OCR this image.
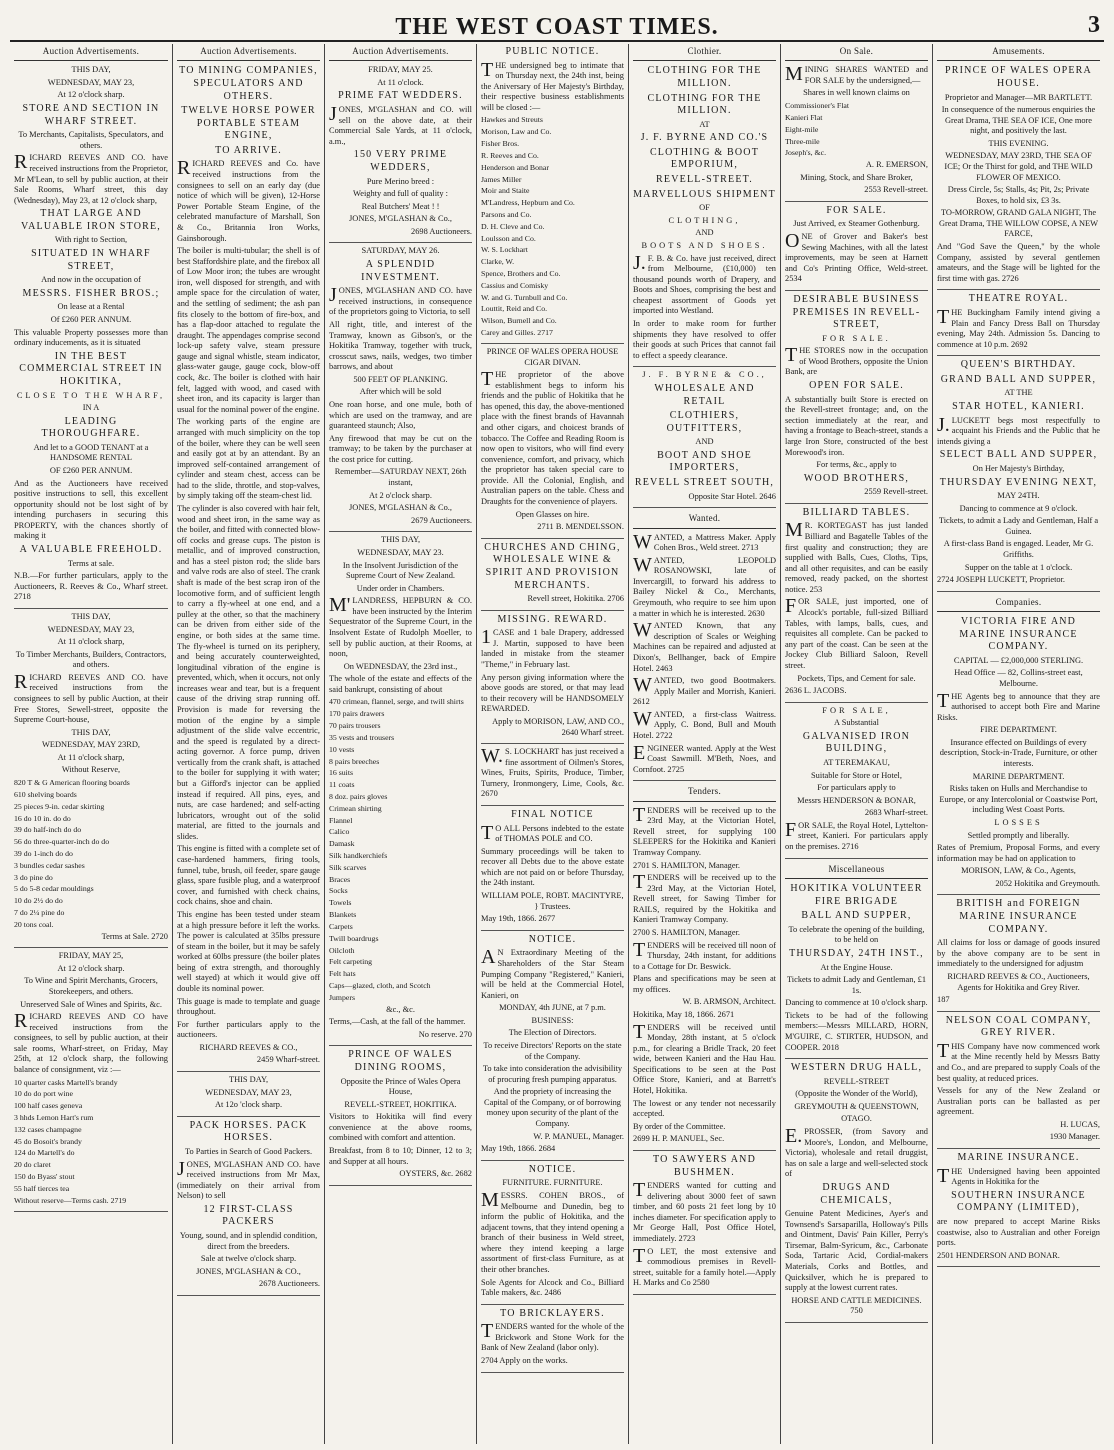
THE WEST COAST TIMES.	3
Auction Advertisements.

THIS DAY,

WEDNESDAY, MAY 23,

At 12 o'clock sharp.

STORE AND SECTION IN WHARF STREET.

To Merchants, Capitalists, Speculators, and others.

RICHARD REEVES AND CO. have received instructions from the Proprietor, Mr M'Lean, to sell by public auction, at their Sale Rooms, Wharf street, this day (Wednesday), May 23, at 12 o'clock sharp,

THAT LARGE AND VALUABLE IRON STORE,

With right to Section,

SITUATED IN WHARF STREET,

And now in the occupation of

MESSRS. FISHER BROS.;

On lease at a Rental

Of £260 PER ANNUM.

This valuable Property possesses more than ordinary inducements, as it is situated

IN THE BEST COMMERCIAL STREET IN HOKITIKA,

CLOSE TO THE WHARF,

IN A

LEADING THOROUGHFARE.

And let to a GOOD TENANT at a HANDSOME RENTAL

OF £260 PER ANNUM.

And as the Auctioneers have received positive instructions to sell, this excellent opportunity should not be lost sight of by intending purchasers in securing this PROPERTY, with the chances shortly of making it

A VALUABLE FREEHOLD.

Terms at sale.

N.B.—For further particulars, apply to the Auctioneers, R. Reeves & Co., Wharf street. 2718

THIS DAY,

WEDNESDAY, MAY 23,

At 11 o'clock sharp,

To Timber Merchants, Builders, Contractors, and others.

RICHARD REEVES AND CO. have received instructions from the consignees to sell by public Auction, at their Free Stores, Sewell-street, opposite the Supreme Court-house,

THIS DAY,

WEDNESDAY, MAY 23RD,

At 11 o'clock sharp,

Without Reserve,

820 T & G American flooring boards

610 shelving boards

25 pieces 9-in. cedar skirting

16 do 10 in. do do

39 do half-inch do do

56 do three-quarter-inch do do

39 do 1-inch do do

3 bundles cedar sashes

3 do pine do

5 do 5-8 cedar mouldings

10 do 2½ do do

7 do 2¼ pine do

20 tons coal.

Terms at Sale. 2720

FRIDAY, MAY 25,

At 12 o'clock sharp.

To Wine and Spirit Merchants, Grocers, Storekeepers, and others.

Unreserved Sale of Wines and Spirits, &c.

RICHARD REEVES AND CO have received instructions from the consignees, to sell by public auction, at their sale rooms, Wharf-street, on Friday, May 25th, at 12 o'clock sharp, the following balance of consignment, viz :—

10 quarter casks Martell's brandy

10 do do port wine

100 half cases geneva

3 hhds Lemon Hart's rum

132 cases champagne

45 do Bosoit's brandy

124 do Martell's do

20 do claret

150 do Byass' stout

55 half tierces tea

Without reserve—Terms cash. 2719

Auction Advertisements.

TO MINING COMPANIES, SPECULATORS AND OTHERS.

TWELVE HORSE POWER PORTABLE STEAM ENGINE,

TO ARRIVE.

RICHARD REEVES and Co. have received instructions from the consignees to sell on an early day (due notice of which will be given), 12-Horse Power Portable Steam Engine, of the celebrated manufacture of Marshall, Son & Co., Britannia Iron Works, Gainsborough.

The boiler is multi-tubular; the shell is of best Staffordshire plate, and the firebox all of Low Moor iron; the tubes are wrought iron, well disposed for strength, and with ample space for the circulation of water, and the settling of sediment; the ash pan fits closely to the bottom of fire-box, and has a flap-door attached to regulate the draught. The appendages comprise second lock-up safety valve, steam pressure gauge and signal whistle, steam indicator, glass-water gauge, gauge cock, blow-off cock, &c. The boiler is clothed with hair felt, lagged with wood, and cased with sheet iron, and its capacity is larger than usual for the nominal power of the engine.

The working parts of the engine are arranged with much simplicity on the top of the boiler, where they can be well seen and easily got at by an attendant. By an improved self-contained arrangement of cylinder and steam chest, access can be had to the slide, throttle, and stop-valves, by simply taking off the steam-chest lid.

The cylinder is also covered with hair felt, wood and sheet iron, in the same way as the boiler, and fitted with connected blow-off cocks and grease cups. The piston is metallic, and of improved construction, and has a steel piston rod; the slide bars and valve rods are also of steel. The crank shaft is made of the best scrap iron of the locomotive form, and of sufficient length to carry a fly-wheel at one end, and a pulley at the other, so that the machinery can be driven from either side of the engine, or both sides at the same time. The fly-wheel is turned on its periphery, and being accurately counterweighted, longitudinal vibration of the engine is prevented, which, when it occurs, not only increases wear and tear, but is a frequent cause of the driving strap running off. Provision is made for reversing the motion of the engine by a simple adjustment of the slide valve eccentric, and the speed is regulated by a direct-acting governor. A force pump, driven vertically from the crank shaft, is attached to the boiler for supplying it with water; but a Gifford's injector can be applied instead if required. All pins, eyes, and nuts, are case hardened; and self-acting lubricators, wrought out of the solid material, are fitted to the journals and slides.

This engine is fitted with a complete set of case-hardened hammers, firing tools, funnel, tube, brush, oil feeder, spare gauge glass, spare fusible plug, and a waterproof cover, and furnished with check chains, cock chains, shoe and chain.

This engine has been tested under steam at a high pressure before it left the works. The power is calculated at 35lbs pressure of steam in the boiler, but it may be safely worked at 60lbs pressure (the boiler plates being of extra strength, and thoroughly well stayed) at which it would give off double its nominal power.

This guage is made to template and guage throughout.

For further particulars apply to the auctioneers.

RICHARD REEVES & CO.,

2459 Wharf-street.

THIS DAY,

WEDNESDAY, MAY 23,

At 12o 'clock sharp.

PACK HORSES. PACK HORSES.

To Parties in Search of Good Packers.

JONES, M'GLASHAN AND CO. have received instructions from Mr Max, (immediately on their arrival from Nelson) to sell

12 FIRST-CLASS PACKERS

Young, sound, and in splendid condition, direct from the breeders.

Sale at twelve o'clock sharp.

JONES, M'GLASHAN & CO.,

2678 Auctioneers.

Auction Advertisements.

FRIDAY, MAY 25.

At 11 o'clock.

PRIME FAT WEDDERS.

JONES, M'GLASHAN and CO. will sell on the above date, at their Commercial Sale Yards, at 11 o'clock, a.m.,

150 VERY PRIME WEDDERS,

Pure Merino breed :

Weighty and full of quality :

Real Butchers' Meat ! !

JONES, M'GLASHAN & Co.,

2698 Auctioneers.

SATURDAY, MAY 26.

A SPLENDID INVESTMENT.

JONES, M'GLASHAN AND CO. have received instructions, in consequence of the proprietors going to Victoria, to sell

All right, title, and interest of the Tramway, known as Gibson's, or the Hokitika Tramway, together with truck, crosscut saws, nails, wedges, two timber barrows, and about

500 FEET OF PLANKING.

After which will be sold

One roan horse, and one mule, both of which are used on the tramway, and are guaranteed staunch; Also,

Any firewood that may be cut on the tramway; to be taken by the purchaser at the cost price for cutting.

Remember—SATURDAY NEXT, 26th instant,

At 2 o'clock sharp.

JONES, M'GLASHAN & Co.,

2679 Auctioneers.

THIS DAY,

WEDNESDAY, MAY 23.

In the Insolvent Jurisdiction of the Supreme Court of New Zealand.

Under order in Chambers.

M'LANDRESS, HEPBURN & CO. have been instructed by the Interim Sequestrator of the Supreme Court, in the Insolvent Estate of Rudolph Moeller, to sell by public auction, at their Rooms, at noon,

On WEDNESDAY, the 23rd inst.,

The whole of the estate and effects of the said bankrupt, consisting of about

470 crimean, flannel, serge, and twill shirts

170 pairs drawers

70 pairs trousers

35 vests and trousers

10 vests

8 pairs breeches

16 suits

11 coats

8 doz. pairs gloves

Crimean shirting

Flannel

Calico

Damask

Silk handkerchiefs

Silk scarves

Braces

Socks

Towels

Blankets

Carpets

Twill boardrugs

Oilcloth

Felt carpeting

Felt hats

Caps—glazed, cloth, and Scotch

Jumpers

&c., &c.

Terms,—Cash, at the fall of the hammer.

No reserve. 270

PRINCE OF WALES DINING ROOMS,

Opposite the Prince of Wales Opera House,

REVELL-STREET, HOKITIKA.

Visitors to Hokitika will find every convenience at the above rooms, combined with comfort and attention.

Breakfast, from 8 to 10; Dinner, 12 to 3; and Supper at all hours.

OYSTERS, &c. 2682

PUBLIC NOTICE.

THE undersigned beg to intimate that on Thursday next, the 24th inst, being the Aniversary of Her Majesty's Birthday, their respective business establishments will be closed :—

Hawkes and Streuts

Morison, Law and Co.

Fisher Bros.

R. Reeves and Co.

Henderson and Bonar

James Miller

Moir and Staite

M'Landress, Hepburn and Co.

Parsons and Co.

D. H. Cleve and Co.

Loulsson and Co.

W. S. Lockhart

Clarke, W.

Spence, Brothers and Co.

Cassius and Comisky

W. and G. Turnbull and Co.

Louttit, Reid and Co.

Wilson, Burnell and Co.

Carey and Gilles. 2717

PRINCE OF WALES OPERA HOUSE CIGAR DIVAN.

THE proprietor of the above establishment begs to inform his friends and the public of Hokitika that he has opened, this day, the above-mentioned place with the finest brands of Havannah and other cigars, and choicest brands of tobacco. The Coffee and Reading Room is now open to visitors, who will find every convenience, comfort, and privacy, which the proprietor has taken special care to provide. All the Colonial, English, and Australian papers on the table. Chess and Draughts for the convenience of players.

Open Glasses on hire.

2711 B. MENDELSSON.

CHURCHES AND CHING, WHOLESALE WINE & SPIRIT AND PROVISION MERCHANTS.

Revell street, Hokitika. 2706

MISSING. REWARD.

1CASE and 1 bale Drapery, addressed J. Martin, supposed to have been landed in mistake from the steamer "Theme," in February last.

Any person giving information where the above goods are stored, or that may lead to their recovery will be HANDSOMELY REWARDED.

Apply to MORISON, LAW, AND CO., 2640 Wharf street.

W.S. LOCKHART has just received a fine assortment of Oilmen's Stores, Wines, Fruits, Spirits, Produce, Timber, Turnery, Ironmongery, Lime, Cools, &c. 2670

FINAL NOTICE

TO ALL Persons indebted to the estate of THOMAS POLE and CO.

Summary proceedings will be taken to recover all Debts due to the above estate which are not paid on or before Thursday, the 24th instant.

WILLIAM POLE, ROBT. MACINTYRE, } Trustees.

May 19th, 1866. 2677

NOTICE.

AN Extraordinary Meeting of the Shareholders of the Star Steam Pumping Company "Registered," Kanieri, will be held at the Commercial Hotel, Kanieri, on

MONDAY, 4th JUNE, at 7 p.m.

BUSINESS:

The Election of Directors.

To receive Directors' Reports on the state of the Company.

To take into consideration the advisibility of procuring fresh pumping apparatus.

And the propriety of increasing the Capital of the Company, or of borrowing money upon security of the plant of the Company.

W. P. MANUEL, Manager.

May 19th, 1866. 2684

NOTICE.

FURNITURE. FURNITURE.

MESSRS. COHEN BROS., of Melbourne and Dunedin, beg to inform the public of Hokitika, and the adjacent towns, that they intend opening a branch of their business in Weld street, where they intend keeping a large assortment of first-class Furniture, as at their other branches.

Sole Agents for Alcock and Co., Billiard Table makers, &c. 2486

TO BRICKLAYERS.

TENDERS wanted for the whole of the Brickwork and Stone Work for the Bank of New Zealand (labor only).

2704 Apply on the works.

Clothier.

CLOTHING FOR THE MILLION.

CLOTHING FOR THE MILLION.

AT

J. F. BYRNE AND CO.'S

CLOTHING & BOOT EMPORIUM,

REVELL-STREET.

MARVELLOUS SHIPMENT

OF

CLOTHING,

AND

BOOTS AND SHOES.

J.F. B. & Co. have just received, direct from Melbourne, (£10,000) ten thousand pounds worth of Drapery, and Boots and Shoes, comprising the best and cheapest assortment of Goods yet imported into Westland.

In order to make room for further shipments they have resolved to offer their goods at such Prices that cannot fail to effect a speedy clearance.

J. F. BYRNE & CO.,

WHOLESALE AND RETAIL

CLOTHIERS, OUTFITTERS,

AND

BOOT AND SHOE IMPORTERS,

REVELL STREET SOUTH,

Opposite Star Hotel. 2646

Wanted.

WANTED, a Mattress Maker. Apply Cohen Bros., Weld street. 2713

WANTED, LEOPOLD ROSANOWSKI, late of Invercargill, to forward his address to Bailey Nickel & Co., Merchants, Greymouth, who require to see him upon a matter in which he is interested. 2630

WANTED Known, that any description of Scales or Weighing Machines can be repaired and adjusted at Dixon's, Bellhanger, back of Empire Hotel. 2463

WANTED, two good Bootmakers. Apply Mailer and Morrish, Kanieri. 2612

WANTED, a first-class Waitress. Apply, C. Bond, Bull and Mouth Hotel. 2722

ENGINEER wanted. Apply at the West Coast Sawmill. M'Beth, Noes, and Cornfoot. 2725

Tenders.

TENDERS will be received up to the 23rd May, at the Victorian Hotel, Revell street, for supplying 100 SLEEPERS for the Hokitika and Kanieri Tramway Company.

2701 S. HAMILTON, Manager.

TENDERS will be received up to the 23rd May, at the Victorian Hotel, Revell street, for Sawing Timber for RAILS, required by the Hokitika and Kanieri Tramway Company.

2700 S. HAMILTON, Manager.

TENDERS will be received till noon of Thursday, 24th instant, for additions to a Cottage for Dr. Beswick.

Plans and specifications may be seen at my offices.

W. B. ARMSON, Architect.

Hokitika, May 18, 1866. 2671

TENDERS will be received until Monday, 28th instant, at 5 o'clock p.m., for clearing a Bridle Track, 20 feet wide, between Kanieri and the Hau Hau. Specifications to be seen at the Post Office Store, Kanieri, and at Barrett's Hotel, Hokitika.

The lowest or any tender not necessarily accepted.

By order of the Committee.

2699 H. P. MANUEL, Sec.

TO SAWYERS AND BUSHMEN.

TENDERS wanted for cutting and delivering about 3000 feet of sawn timber, and 60 posts 21 feet long by 10 inches diameter. For specification apply to Mr George Hall, Post Office Hotel, immediately. 2723

TO LET, the most extensive and commodious premises in Revell-street, suitable for a family hotel.—Apply H. Marks and Co 2580

On Sale.

MINING SHARES WANTED and FOR SALE by the undersigned,—

Shares in well known claims on

Commissioner's Flat

Kanieri Flat

Eight-mile

Three-mile

Joseph's, &c.

A. R. EMERSON,

Mining, Stock, and Share Broker,

2553 Revell-street.

FOR SALE.

Just Arrived, ex Steamer Gothenburg.

ONE of Grover and Baker's best Sewing Machines, with all the latest improvements, may be seen at Harnett and Co's Printing Office, Weld-street. 2534

DESIRABLE BUSINESS PREMISES IN REVELL-STREET,

FOR SALE.

THE STORES now in the occupation of Wood Brothers, opposite the Union Bank, are

OPEN FOR SALE.

A substantially built Store is erected on the Revell-street frontage; and, on the section immediately at the rear, and having a frontage to Beach-street, stands a large Iron Store, constructed of the best Morewood's iron.

For terms, &c., apply to

WOOD BROTHERS,

2559 Revell-street.

BILLIARD TABLES.

MR. KORTEGAST has just landed Billiard and Bagatelle Tables of the first quality and construction; they are supplied with Balls, Cues, Cloths, Tips, and all other requisites, and can be easily removed, ready packed, on the shortest notice. 253

FOR SALE, just imported, one of Alcock's portable, full-sized Billiard Tables, with lamps, balls, cues, and requisites all complete. Can be packed to any part of the coast. Can be seen at the Jockey Club Billiard Saloon, Revell street.

Pockets, Tips, and Cement for sale.

2636 L. JACOBS.

FOR SALE,

A Substantial

GALVANISED IRON BUILDING,

AT TEREMAKAU,

Suitable for Store or Hotel,

For particulars apply to

Messrs HENDERSON & BONAR,

2683 Wharf-street.

FOR SALE, the Royal Hotel, Lyttelton-street, Kanieri. For particulars apply on the premises. 2716

Miscellaneous

HOKITIKA VOLUNTEER FIRE BRIGADE

BALL AND SUPPER,

To celebrate the opening of the building, to be held on

THURSDAY, 24TH INST.,

At the Engine House.

Tickets to admit Lady and Gentleman, £1 1s.

Dancing to commence at 10 o'clock sharp.

Tickets to be had of the following members:—Messrs MILLARD, HORN, M'GUIRE, C. STIRTER, HUDSON, and COOPER. 2018

WESTERN DRUG HALL,

REVELL-STREET

(Opposite the Wonder of the World),

GREYMOUTH & QUEENSTOWN,

OTAGO.

E.PROSSER, (from Savory and Moore's, London, and Melbourne, Victoria), wholesale and retail druggist, has on sale a large and well-selected stock of

DRUGS AND CHEMICALS,

Genuine Patent Medicines, Ayer's and Townsend's Sarsaparilla, Holloway's Pills and Ointment, Davis' Pain Killer, Perry's Tirsemar, Balm-Syricum, &c., Carbonate Soda, Tartaric Acid, Cordial-makers Materials, Corks and Bottles, and Quicksilver, which he is prepared to supply at the lowest current rates.

HORSE AND CATTLE MEDICINES. 750

Amusements.

PRINCE OF WALES OPERA HOUSE.

Proprietor and Manager—MR BARTLETT.

In consequence of the numerous enquiries the Great Drama, THE SEA OF ICE, One more night, and positively the last.

THIS EVENING.

WEDNESDAY, MAY 23RD, THE SEA OF ICE; Or the Thirst for gold, and THE WILD FLOWER OF MEXICO.

Dress Circle, 5s; Stalls, 4s; Pit, 2s; Private Boxes, to hold six, £3 3s.

TO-MORROW, GRAND GALA NIGHT, The Great Drama, THE WILLOW COPSE, A NEW FARCE,

And "God Save the Queen," by the whole Company, assisted by several gentlemen amateurs, and the Stage will be lighted for the first time with gas. 2726

THEATRE ROYAL.

THE Buckingham Family intend giving a Plain and Fancy Dress Ball on Thursday evening, May 24th. Admission 5s. Dancing to commence at 10 p.m. 2692

QUEEN'S BIRTHDAY.

GRAND BALL AND SUPPER,

AT THE

STAR HOTEL, KANIERI.

J.LUCKETT begs most respectfully to acquaint his Friends and the Public that he intends giving a

SELECT BALL AND SUPPER,

On Her Majesty's Birthday,

THURSDAY EVENING NEXT,

MAY 24TH.

Dancing to commence at 9 o'clock.

Tickets, to admit a Lady and Gentleman, Half a Guinea.

A first-class Band is engaged. Leader, Mr G. Griffiths.

Supper on the table at 1 o'clock.

2724 JOSEPH LUCKETT, Proprietor.

Companies.

VICTORIA FIRE AND MARINE INSURANCE COMPANY.

CAPITAL — £2,000,000 STERLING.

Head Office — 82, Collins-street east, Melbourne.

THE Agents beg to announce that they are authorised to accept both Fire and Marine Risks.

FIRE DEPARTMENT.

Insurance effected on Buildings of every description, Stock-in-Trade, Furniture, or other interests.

MARINE DEPARTMENT.

Risks taken on Hulls and Merchandise to Europe, or any Intercolonial or Coastwise Port, including West Coast Ports.

LOSSES

Settled promptly and liberally.

Rates of Premium, Proposal Forms, and every information may be had on application to

MORISON, LAW, & Co., Agents,

2052 Hokitika and Greymouth.

BRITISH and FOREIGN MARINE INSURANCE COMPANY.

All claims for loss or damage of goods insured by the above company are to be sent in immediately to the undersigned for adjustm

RICHARD REEVES & CO., Auctioneers, Agents for Hokitika and Grey River.

187

NELSON COAL COMPANY, GREY RIVER.

THIS Company have now commenced work at the Mine recently held by Messrs Batty and Co., and are prepared to supply Coals of the best quality, at reduced prices.

Vessels for any of the New Zealand or Australian ports can be ballasted as per agreement.

H. LUCAS,

1930 Manager.

MARINE INSURANCE.

THE Undersigned having been appointed Agents in Hokitika for the

SOUTHERN INSURANCE COMPANY (LIMITED),

are now prepared to accept Marine Risks coastwise, also to Australian and other Foreign ports.

2501 HENDERSON AND BONAR.
